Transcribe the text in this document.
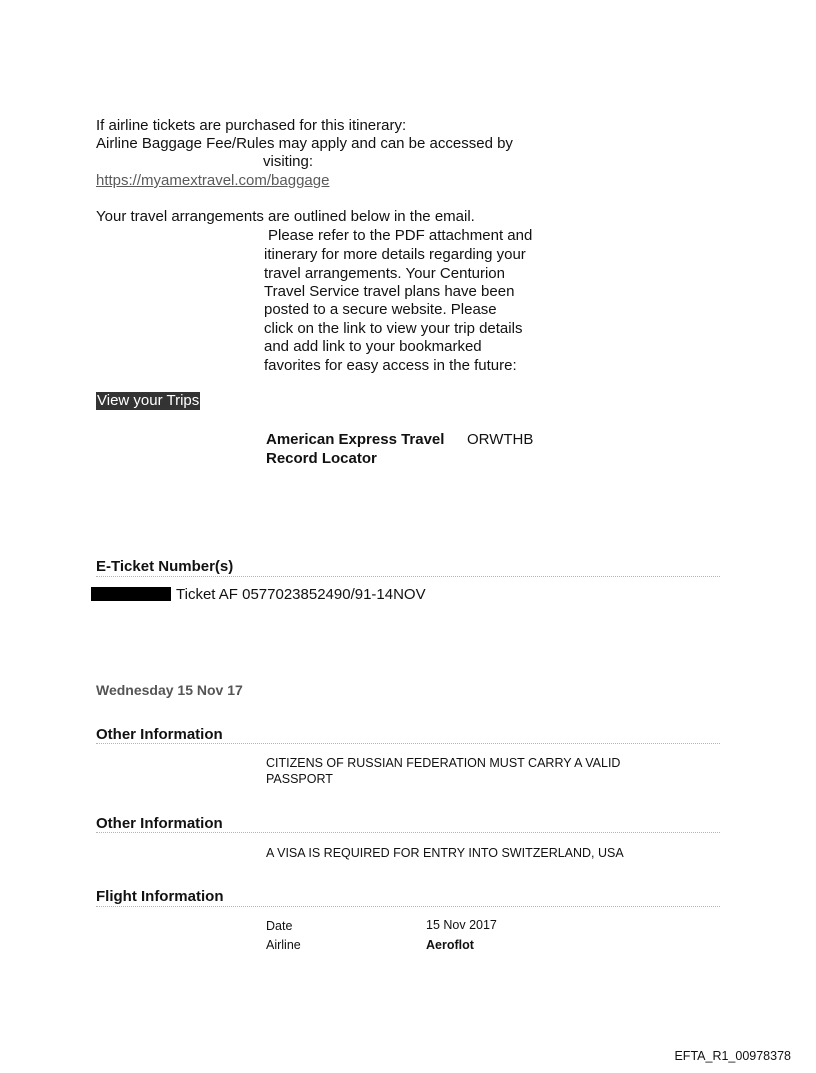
If airline tickets are purchased for this itinerary:
Airline Baggage Fee/Rules may apply and can be accessed by
visiting:
https://myamextravel.com/baggage
Your travel arrangements are outlined below in the email.
Please refer to the PDF attachment and
itinerary for more details regarding your
travel arrangements. Your Centurion
Travel Service travel plans have been
posted to a secure website. Please
click on the link to view your trip details
and add link to your bookmarked
favorites for easy access in the future:
View your Trips
American Express Travel
Record Locator
ORWTHB
E-Ticket Number(s)
Ticket AF 0577023852490/91-14NOV
Wednesday 15 Nov 17
Other Information
CITIZENS OF RUSSIAN FEDERATION MUST CARRY A VALID
PASSPORT
Other Information
A VISA IS REQUIRED FOR ENTRY INTO SWITZERLAND, USA
Flight Information
Date	15 Nov 2017
Airline	Aeroflot
EFTA_R1_00978378
